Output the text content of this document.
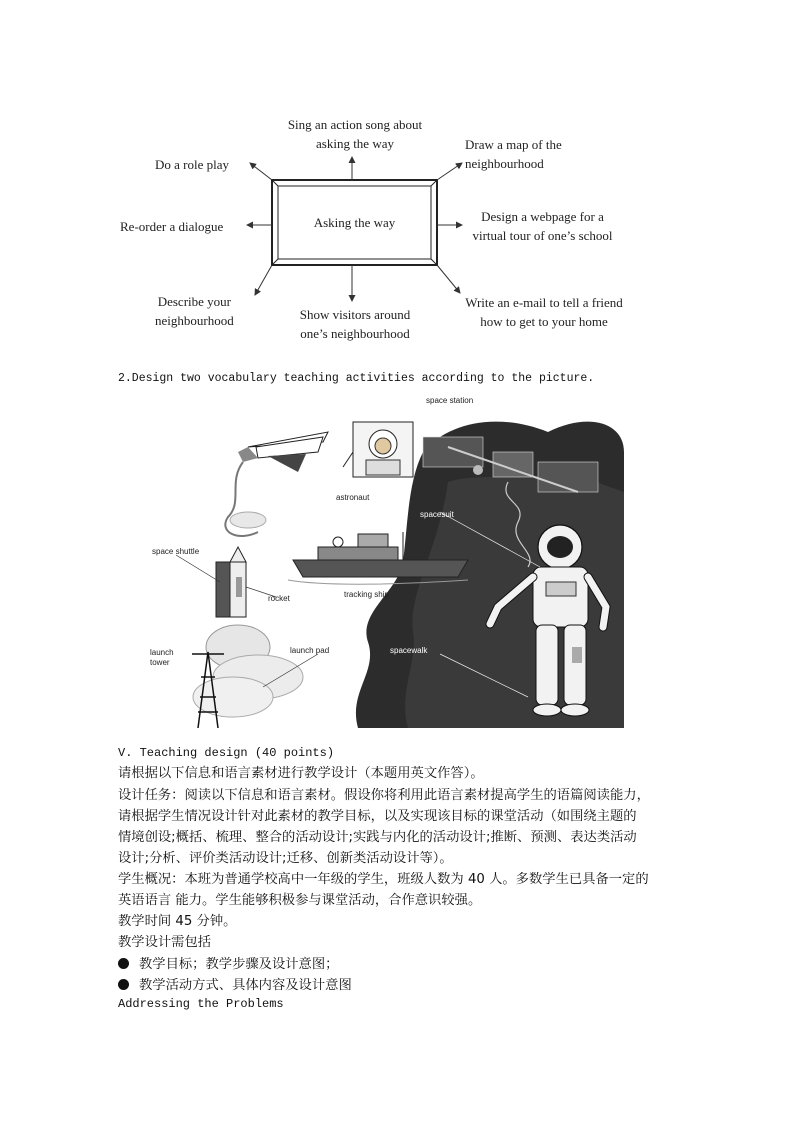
Asking the way
Sing an action song about
asking the way
Do a role play
Draw a map of the
neighbourhood
Re-order a dialogue
Design a webpage for a
virtual tour of one’s school
Describe your
neighbourhood	Show visitors around
one’s neighbourhood
Write an e-mail to tell a friend
how to get to your home
2.Design two vocabulary teaching activities according to the picture.
space station
astronaut
spacesuit
space shuttle
rocket	tracking ship
launch
tower
launch pad	spacewalk
V. Teaching design (40 points)
请根据以下信息和语言素材进行教学设计（本题用英文作答）。
设计任务：阅读以下信息和语言素材。假设你将利用此语言素材提高学生的语篇阅读能力，
请根据学生情况设计针对此素材的教学目标，以及实现该目标的课堂活动（如围绕主题的
情境创设;概括、梳理、整合的活动设计;实践与内化的活动设计;推断、预测、表达类活动
设计;分析、评价类活动设计;迁移、创新类活动设计等）。
学生概况：本班为普通学校高中一年级的学生，班级人数为 40 人。多数学生已具备一定的
英语语言 能力。学生能够积极参与课堂活动，合作意识较强。
教学时间 45 分钟。
教学设计需包括
教学目标；教学步骤及设计意图；
教学活动方式、具体内容及设计意图
Addressing the Problems
